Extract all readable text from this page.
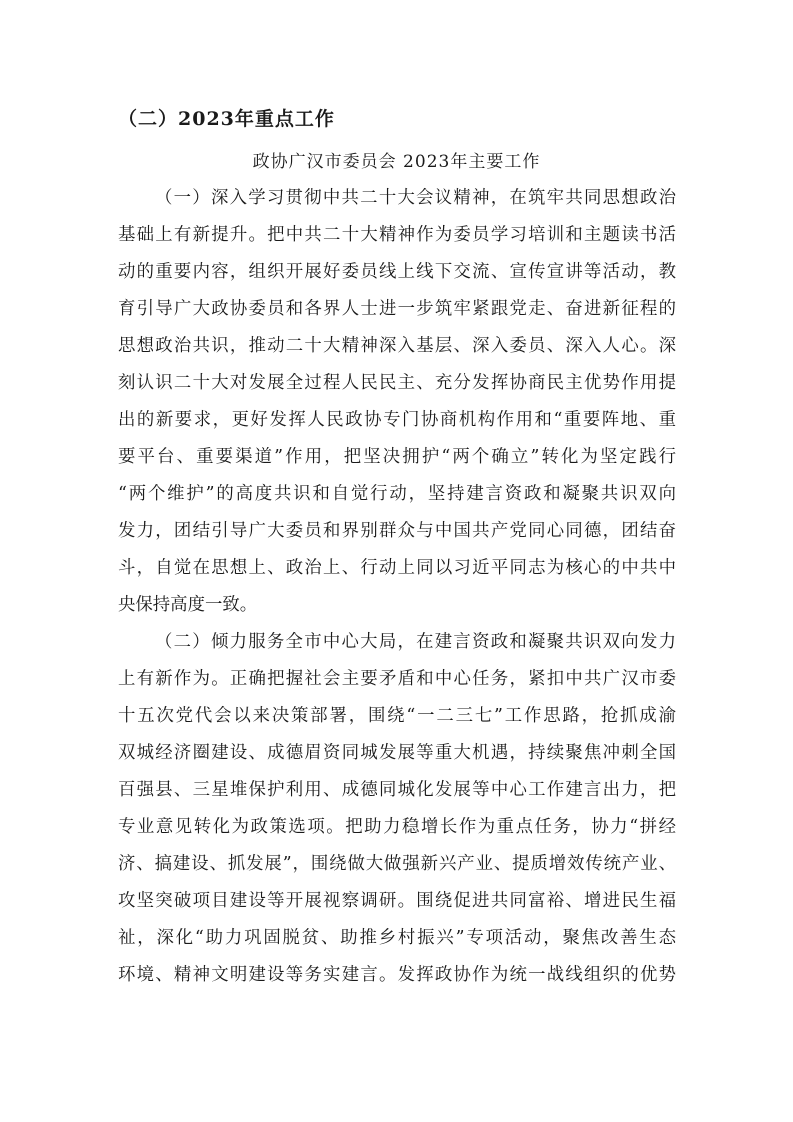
（二）2023年重点工作

政协广汉市委员会 2023年主要工作

（一）深入学习贯彻中共二十大会议精神，在筑牢共同思想政治

基础上有新提升。把中共二十大精神作为委员学习培训和主题读书活

动的重要内容，组织开展好委员线上线下交流、宣传宣讲等活动，教

育引导广大政协委员和各界人士进一步筑牢紧跟党走、奋进新征程的

思想政治共识，推动二十大精神深入基层、深入委员、深入人心。深

刻认识二十大对发展全过程人民民主、充分发挥协商民主优势作用提

出的新要求，更好发挥人民政协专门协商机构作用和“重要阵地、重

要平台、重要渠道”作用，把坚决拥护“两个确立”转化为坚定践行

“两个维护”的高度共识和自觉行动，坚持建言资政和凝聚共识双向

发力，团结引导广大委员和界别群众与中国共产党同心同德，团结奋

斗，自觉在思想上、政治上、行动上同以习近平同志为核心的中共中

央保持高度一致。

（二）倾力服务全市中心大局，在建言资政和凝聚共识双向发力

上有新作为。正确把握社会主要矛盾和中心任务，紧扣中共广汉市委

十五次党代会以来决策部署，围绕“一二三七”工作思路，抢抓成渝

双城经济圈建设、成德眉资同城发展等重大机遇，持续聚焦冲刺全国

百强县、三星堆保护利用、成德同城化发展等中心工作建言出力，把

专业意见转化为政策选项。把助力稳增长作为重点任务，协力“拼经

济、搞建设、抓发展”，围绕做大做强新兴产业、提质增效传统产业、

攻坚突破项目建设等开展视察调研。围绕促进共同富裕、增进民生福

祉，深化“助力巩固脱贫、助推乡村振兴”专项活动，聚焦改善生态

环境、精神文明建设等务实建言。发挥政协作为统一战线组织的优势
